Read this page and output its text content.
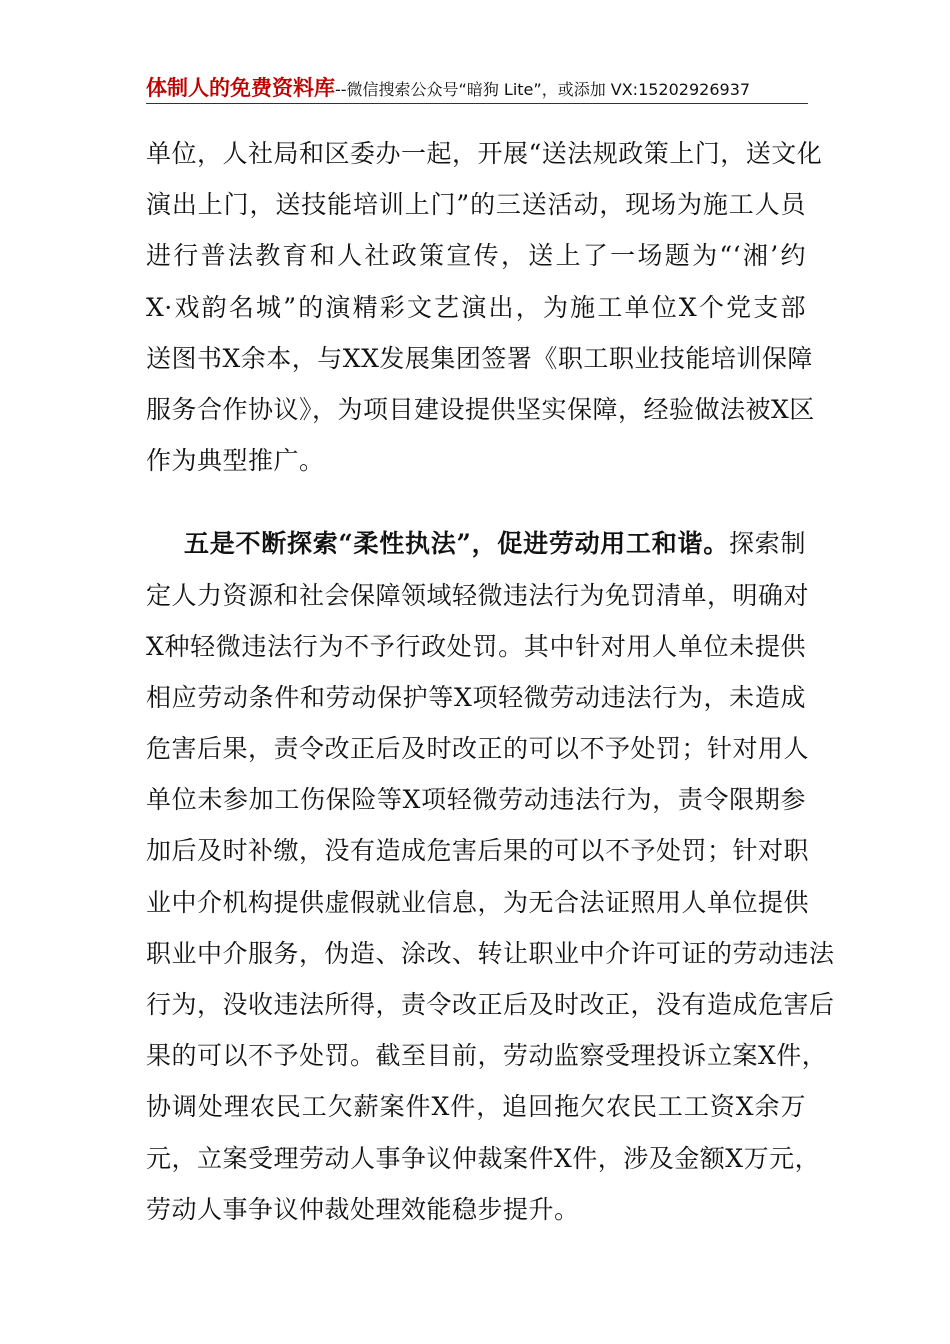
体制人的免费资料库--微信搜索公众号“暗狗 Lite”，或添加 VX:15202926937
单位，人社局和区委办一起，开展“送法规政策上门，送文化
演出上门，送技能培训上门”的三送活动，现场为施工人员
进行普法教育和人社政策宣传，送上了一场题为“‘湘’约
X·戏韵名城”的演精彩文艺演出，为施工单位X个党支部
送图书X余本，与XX发展集团签署《职工职业技能培训保障
服务合作协议》，为项目建设提供坚实保障，经验做法被X区
作为典型推广。
五是不断探索“柔性执法”，促进劳动用工和谐。探索制
定人力资源和社会保障领域轻微违法行为免罚清单，明确对
X种轻微违法行为不予行政处罚。其中针对用人单位未提供
相应劳动条件和劳动保护等X项轻微劳动违法行为，未造成
危害后果，责令改正后及时改正的可以不予处罚；针对用人
单位未参加工伤保险等X项轻微劳动违法行为，责令限期参
加后及时补缴，没有造成危害后果的可以不予处罚；针对职
业中介机构提供虚假就业信息，为无合法证照用人单位提供
职业中介服务，伪造、涂改、转让职业中介许可证的劳动违法
行为，没收违法所得，责令改正后及时改正，没有造成危害后
果的可以不予处罚。截至目前，劳动监察受理投诉立案X件，
协调处理农民工欠薪案件X件，追回拖欠农民工工资X余万
元，立案受理劳动人事争议仲裁案件X件，涉及金额X万元，
劳动人事争议仲裁处理效能稳步提升。
